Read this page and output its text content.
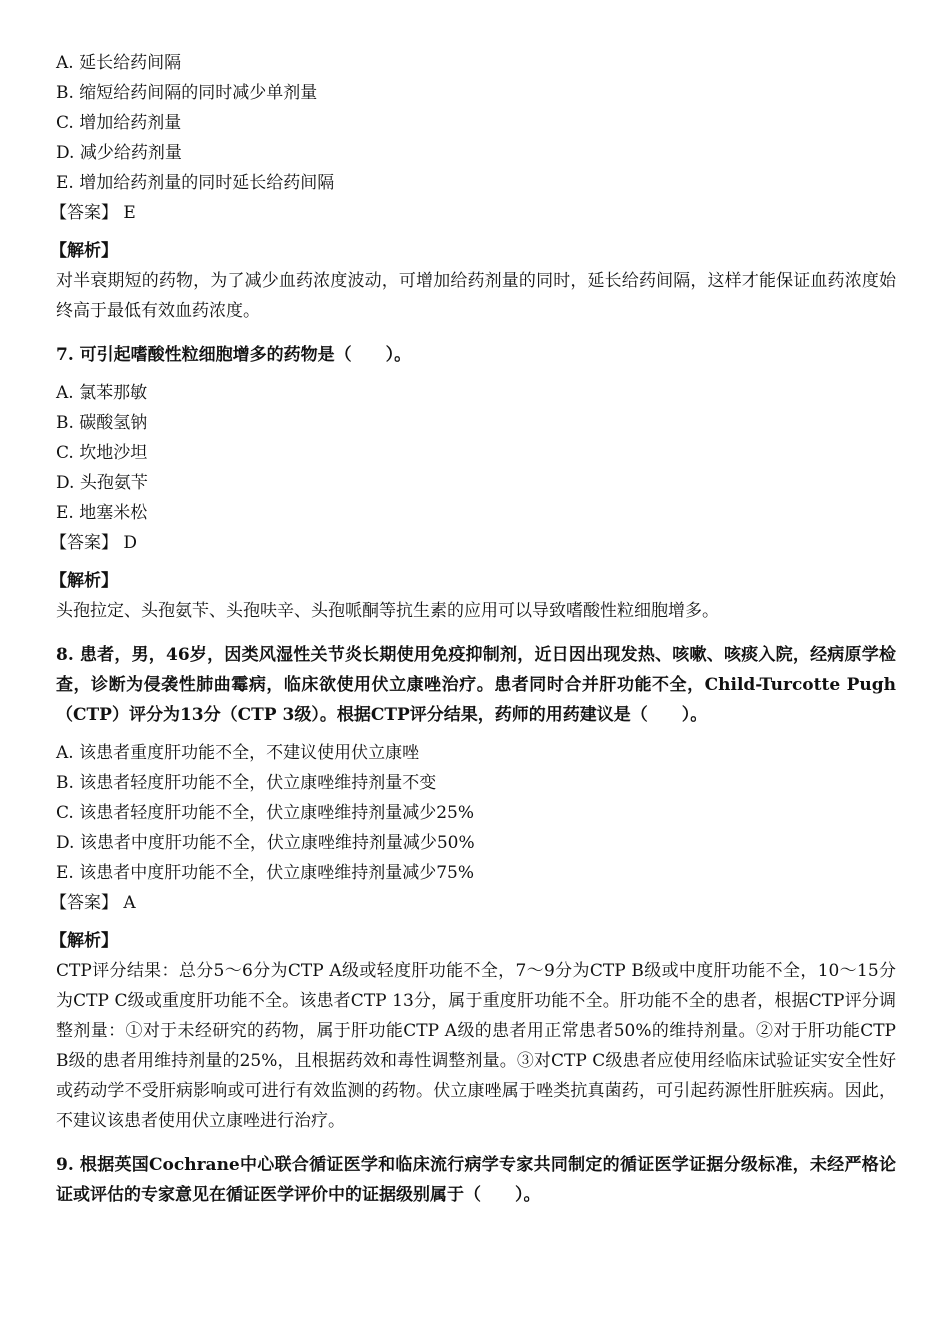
A. 延长给药间隔
B. 缩短给药间隔的同时减少单剂量
C. 增加给药剂量
D. 减少给药剂量
E. 增加给药剂量的同时延长给药间隔
【答案】 E
【解析】
对半衰期短的药物，为了减少血药浓度波动，可增加给药剂量的同时，延长给药间隔，这样才能保证血药浓度始终高于最低有效血药浓度。
7. 可引起嗜酸性粒细胞增多的药物是（　　）。
A. 氯苯那敏
B. 碳酸氢钠
C. 坎地沙坦
D. 头孢氨苄
E. 地塞米松
【答案】 D
【解析】
头孢拉定、头孢氨苄、头孢呋辛、头孢哌酮等抗生素的应用可以导致嗜酸性粒细胞增多。
8. 患者，男，46岁，因类风湿性关节炎长期使用免疫抑制剂，近日因出现发热、咳嗽、咳痰入院，经病原学检查，诊断为侵袭性肺曲霉病，临床欲使用伏立康唑治疗。患者同时合并肝功能不全，Child-Turcotte Pugh（CTP）评分为13分（CTP 3级）。根据CTP评分结果，药师的用药建议是（　　）。
A. 该患者重度肝功能不全，不建议使用伏立康唑
B. 该患者轻度肝功能不全，伏立康唑维持剂量不变
C. 该患者轻度肝功能不全，伏立康唑维持剂量减少25%
D. 该患者中度肝功能不全，伏立康唑维持剂量减少50%
E. 该患者中度肝功能不全，伏立康唑维持剂量减少75%
【答案】 A
【解析】
CTP评分结果：总分5～6分为CTP A级或轻度肝功能不全，7～9分为CTP B级或中度肝功能不全，10～15分为CTP C级或重度肝功能不全。该患者CTP 13分，属于重度肝功能不全。肝功能不全的患者，根据CTP评分调整剂量：①对于未经研究的药物，属于肝功能CTP A级的患者用正常患者50%的维持剂量。②对于肝功能CTP B级的患者用维持剂量的25%，且根据药效和毒性调整剂量。③对CTP C级患者应使用经临床试验证实安全性好或药动学不受肝病影响或可进行有效监测的药物。伏立康唑属于唑类抗真菌药，可引起药源性肝脏疾病。因此，不建议该患者使用伏立康唑进行治疗。
9. 根据英国Cochrane中心联合循证医学和临床流行病学专家共同制定的循证医学证据分级标准，未经严格论证或评估的专家意见在循证医学评价中的证据级别属于（　　）。
